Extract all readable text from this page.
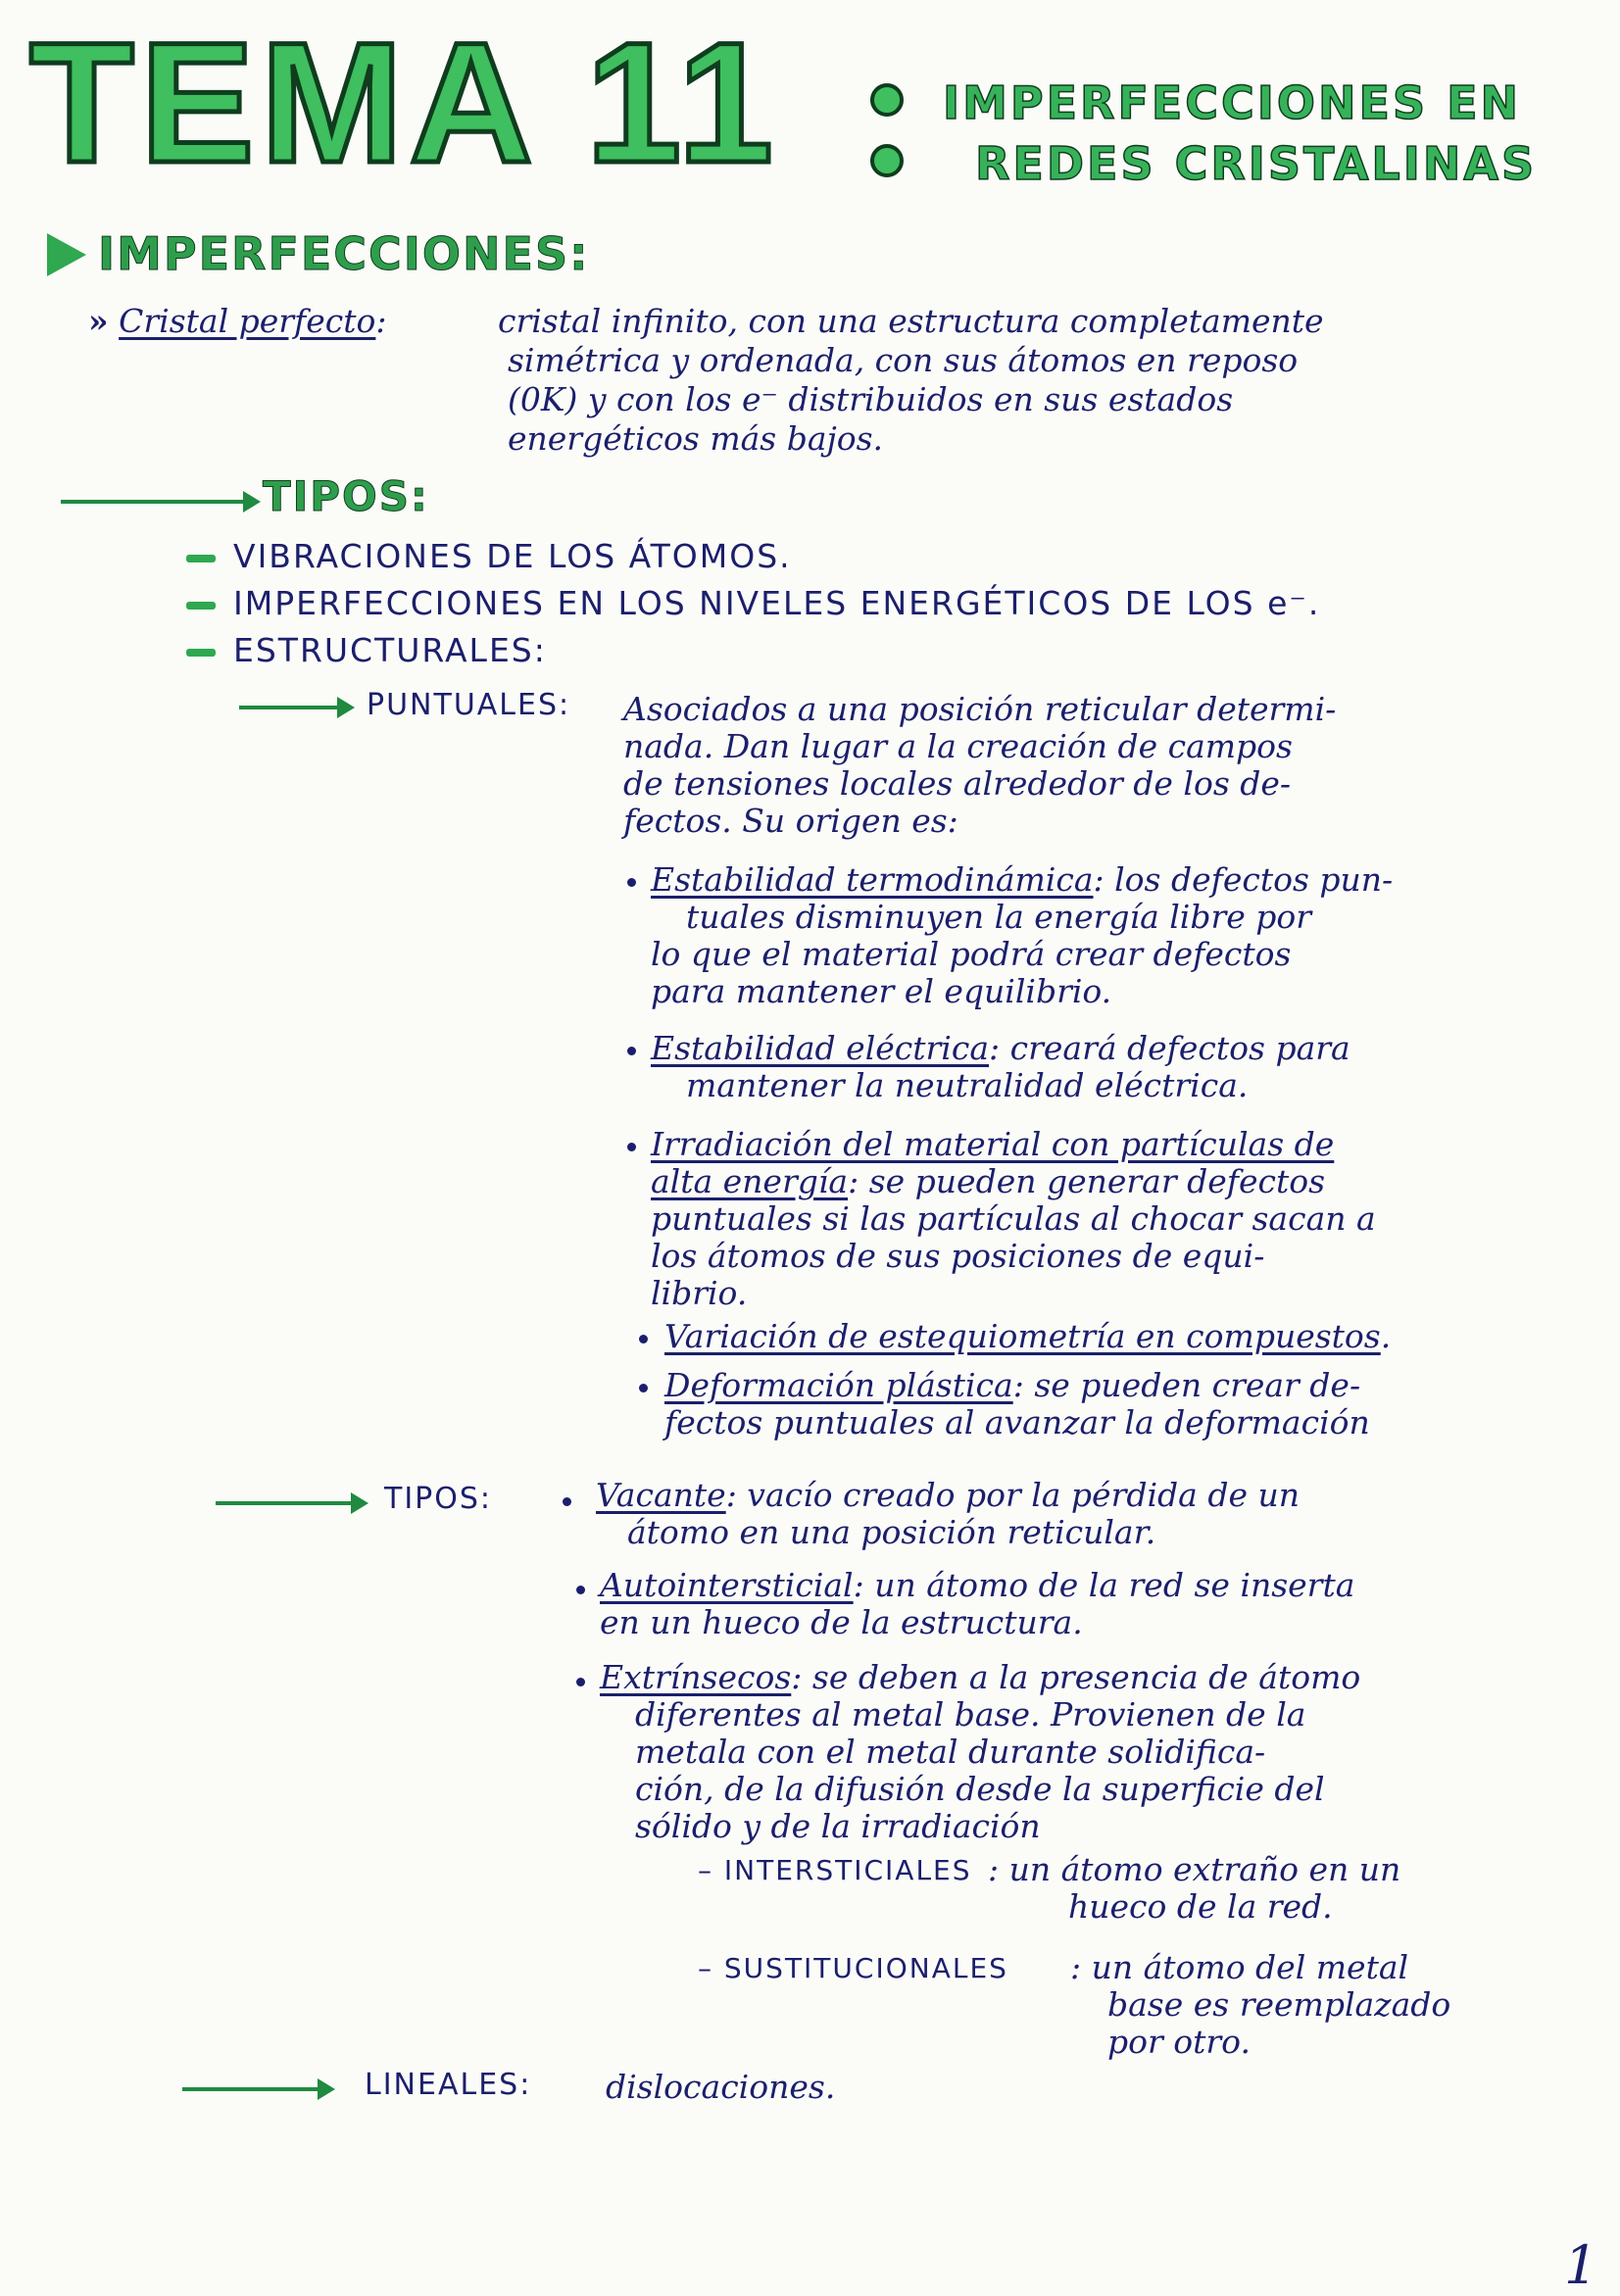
TEMA 11	IMPERFECCIONES EN
REDES CRISTALINAS
IMPERFECCIONES:
» Cristal perfecto:	cristal infinito, con una estructura completamente
simétrica y ordenada, con sus átomos en reposo
(0K) y con los e⁻ distribuidos en sus estados
energéticos más bajos.
TIPOS:
VIBRACIONES DE LOS ÁTOMOS.
IMPERFECCIONES EN LOS NIVELES ENERGÉTICOS DE LOS e⁻.
ESTRUCTURALES:
PUNTUALES: Asociados a una posición reticular determi-
nada. Dan lugar a la creación de campos
de tensiones locales alrededor de los de-
fectos. Su origen es:
Estabilidad termodinámica: los defectos pun-
tuales disminuyen la energía libre por
lo que el material podrá crear defectos
para mantener el equilibrio.
Estabilidad eléctrica: creará defectos para
mantener la neutralidad eléctrica.
Irradiación del material con partículas de
alta energía: se pueden generar defectos
puntuales si las partículas al chocar sacan a
los átomos de sus posiciones de equi-
librio.
Variación de estequiometría en compuestos.
Deformación plástica: se pueden crear de-
fectos puntuales al avanzar la deformación
TIPOS:	Vacante: vacío creado por la pérdida de un
átomo en una posición reticular.
Autointersticial: un átomo de la red se inserta
en un hueco de la estructura.
Extrínsecos: se deben a la presencia de átomo
diferentes al metal base. Provienen de la
metala con el metal durante solidifica-
ción, de la difusión desde la superficie del
sólido y de la irradiación
– INTERSTICIALES : un átomo extraño en un
hueco de la red.
– SUSTITUCIONALES : un átomo del metal
base es reemplazado
por otro.
LINEALES: dislocaciones.
1
